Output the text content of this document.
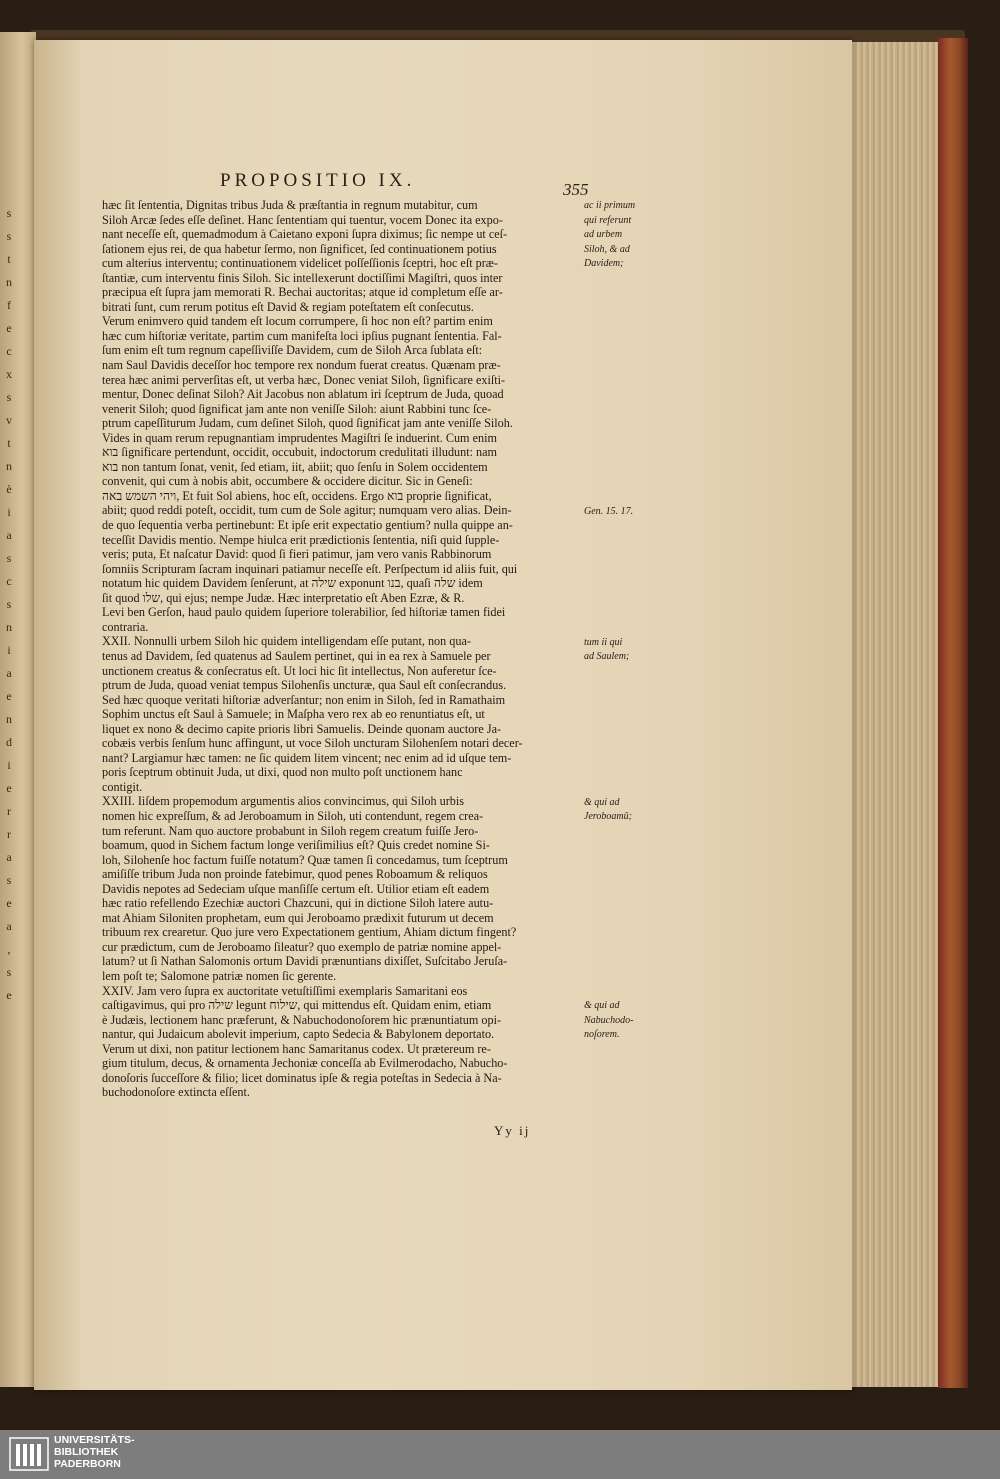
s
s
t
n
f
e
c
x
s
v
t
n
è
i
a
s
c
s
n
i
a
e
n
d
i
e
r
r
a
s
e
a
,
s
e
PROPOSITIO IX.	355
hæc ſit ſententia, Dignitas tribus Juda & præſtantia in regnum mutabitur, cum
Siloh Arcæ ſedes eſſe deſinet. Hanc ſententiam qui tuentur, vocem Donec ita expo-
nant neceſſe eſt, quemadmodum à Caietano exponi ſupra diximus; ſic nempe ut ceſ-
ſationem ejus rei, de qua habetur ſermo, non ſignificet, ſed continuationem potius
cum alterius interventu; continuationem videlicet poſſeſſionis ſceptri, hoc eſt præ-
ſtantiæ, cum interventu finis Siloh. Sic intellexerunt doctiſſimi Magiſtri, quos inter
præcipua eſt ſupra jam memorati R. Bechai auctoritas; atque id completum eſſe ar-
bitrati ſunt, cum rerum potitus eſt David & regiam poteſtatem eſt conſecutus.
Verum enimvero quid tandem eſt locum corrumpere, ſi hoc non eſt? partim enim
hæc cum hiſtoriæ veritate, partim cum manifeſta loci ipſius pugnant ſententia. Fal-
ſum enim eſt tum regnum capeſſiviſſe Davidem, cum de Siloh Arca ſublata eſt:
nam Saul Davidis deceſſor hoc tempore rex nondum fuerat creatus. Quænam præ-
terea hæc animi perverſitas eſt, ut verba hæc, Donec veniat Siloh, ſignificare exiſti-
mentur, Donec deſinat Siloh? Ait Jacobus non ablatum iri ſceptrum de Juda, quoad
venerit Siloh; quod ſignificat jam ante non veniſſe Siloh: aiunt Rabbini tunc ſce-
ptrum capeſſiturum Judam, cum deſinet Siloh, quod ſignificat jam ante veniſſe Siloh.
Vides in quam rerum repugnantiam imprudentes Magiſtri ſe induerint. Cum enim
בוא ſignificare pertendunt, occidit, occubuit, indoctorum credulitati illudunt: nam
בוא non tantum ſonat, venit, ſed etiam, iit, abiit; quo ſenſu in Solem occidentem
convenit, qui cum à nobis abit, occumbere & occidere dicitur. Sic in Geneſi:
ויהי השמש באה, Et fuit Sol abiens, hoc eſt, occidens. Ergo בוא proprie ſignificat,
abiit; quod reddi poteſt, occidit, tum cum de Sole agitur; numquam vero alias. Dein-
de quo ſequentia verba pertinebunt: Et ipſe erit expectatio gentium? nulla quippe an-
teceſſit Davidis mentio. Nempe hiulca erit prædictionis ſententia, niſi quid ſupple-
veris; puta, Et naſcatur David: quod ſi fieri patimur, jam vero vanis Rabbinorum
ſomniis Scripturam ſacram inquinari patiamur neceſſe eſt. Perſpectum id aliis fuit, qui
notatum hic quidem Davidem ſenſerunt, at שילה exponunt בנו, quaſi שלה idem
ſit quod שלו, qui ejus; nempe Judæ. Hæc interpretatio eſt Aben Ezræ, & R.
Levi ben Gerſon, haud paulo quidem ſuperiore tolerabilior, ſed hiſtoriæ tamen fidei
contraria.
XXII. Nonnulli urbem Siloh hic quidem intelligendam eſſe putant, non qua-
tenus ad Davidem, ſed quatenus ad Saulem pertinet, qui in ea rex à Samuele per
unctionem creatus & conſecratus eſt. Ut loci hic ſit intellectus, Non auferetur ſce-
ptrum de Juda, quoad veniat tempus Silohenſis uncturæ, qua Saul eſt conſecrandus.
Sed hæc quoque veritati hiſtoriæ adverſantur; non enim in Siloh, ſed in Ramathaim
Sophim unctus eſt Saul à Samuele; in Maſpha vero rex ab eo renuntiatus eſt, ut
liquet ex nono & decimo capite prioris libri Samuelis. Deinde quonam auctore Ja-
cobæis verbis ſenſum hunc affingunt, ut voce Siloh uncturam Silohenſem notari decer-
nant? Largiamur hæc tamen: ne ſic quidem litem vincent; nec enim ad id uſque tem-
poris ſceptrum obtinuit Juda, ut dixi, quod non multo poſt unctionem hanc
contigit.
XXIII. Iiſdem propemodum argumentis alios convincimus, qui Siloh urbis
nomen hic expreſſum, & ad Jeroboamum in Siloh, uti contendunt, regem crea-
tum referunt. Nam quo auctore probabunt in Siloh regem creatum fuiſſe Jero-
boamum, quod in Sichem factum longe veriſimilius eſt? Quis credet nomine Si-
loh, Silohenſe hoc factum fuiſſe notatum? Quæ tamen ſi concedamus, tum ſceptrum
amiſiſſe tribum Juda non proinde fatebimur, quod penes Roboamum & reliquos
Davidis nepotes ad Sedeciam uſque manſiſſe certum eſt. Utilior etiam eſt eadem
hæc ratio refellendo Ezechiæ auctori Chazcuni, qui in dictione Siloh latere autu-
mat Ahiam Siloniten prophetam, eum qui Jeroboamo prædixit futurum ut decem
tribuum rex crearetur. Quo jure vero Expectationem gentium, Ahiam dictum fingent?
cur prædictum, cum de Jeroboamo ſileatur? quo exemplo de patriæ nomine appel-
latum? ut ſi Nathan Salomonis ortum Davidi prænuntians dixiſſet, Suſcitabo Jeruſa-
lem poſt te; Salomone patriæ nomen ſic gerente.
XXIV. Jam vero ſupra ex auctoritate vetuſtiſſimi exemplaris Samaritani eos
caſtigavimus, qui pro שילה legunt שילוח, qui mittendus eſt. Quidam enim, etiam
è Judæis, lectionem hanc præferunt, & Nabuchodonoſorem hic prænuntiatum opi-
nantur, qui Judaicum abolevit imperium, capto Sedecia & Babylonem deportato.
Verum ut dixi, non patitur lectionem hanc Samaritanus codex. Ut prætereum re-
gium titulum, decus, & ornamenta Jechoniæ conceſſa ab Evilmerodacho, Nabucho-
donoſoris ſucceſſore & filio; licet dominatus ipſe & regia poteſtas in Sedecia à Na-
buchodonoſore extincta eſſent.
ac ii primum
qui referunt
ad urbem
Siloh, & ad
Davidem;
Gen. 15. 17.
tum ii qui
ad Saulem;
& qui ad
Jeroboamū;
& qui ad
Nabuchodo-
noſorem.
Yy ij
UNIVERSITÄTS-
BIBLIOTHEK
PADERBORN
